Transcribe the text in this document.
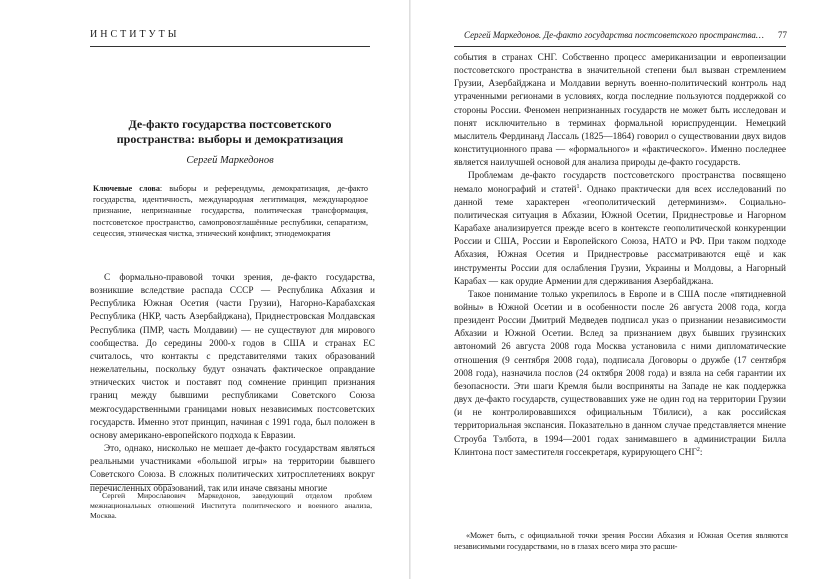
ИНСТИТУТЫ
Де-факто государства постсоветского пространства: выборы и демократизация
Сергей Маркедонов
Ключевые слова: выборы и референдумы, демократизация, де-факто государства, идентичность, международная легитимация, международное признание, непризнанные государства, политическая трансформация, постсоветское пространство, самопровозглашённые республики, сепаратизм, сецессия, этническая чистка, этнический конфликт, этнодемократия

С формально-правовой точки зрения, де-факто государства, возникшие вследствие распада СССР — Республика Абхазия и Республика Южная Осетия (части Грузии), Нагорно-Карабахская Республика (НКР, часть Азербайджана), Приднестровская Молдавская Республика (ПМР, часть Молдавии) — не существуют для мирового сообщества. До середины 2000-х годов в США и странах ЕС считалось, что контакты с представителями таких образований нежелательны, поскольку будут означать фактическое оправдание этнических чисток и поставят под сомнение принцип признания границ между бывшими республиками Советского Союза межгосударственными границами новых независимых постсоветских государств. Именно этот принцип, начиная с 1991 года, был положен в основу американо-европейского подхода к Евразии.

Это, однако, нисколько не мешает де-факто государствам являться реальными участниками «большой игры» на территории бывшего Советского Союза. В сложных политических хитросплетениях вокруг перечисленных образований, так или иначе связаны многие

Сергей Мирославович Маркедонов, заведующий отделом проблем межнациональных отношений Института политического и военного анализа, Москва.
Сергей Маркедонов. Де-факто государства постсоветского пространства… 77

события в странах СНГ. Собственно процесс американизации и европеизации постсоветского пространства в значительной степени был вызван стремлением Грузии, Азербайджана и Молдавии вернуть военно-политический контроль над утраченными регионами в условиях, когда последние пользуются поддержкой со стороны России. Феномен непризнанных государств не может быть исследован и понят исключительно в терминах формальной юриспруденции. Немецкий мыслитель Фердинанд Лассаль (1825—1864) говорил о существовании двух видов конституционного права — «формального» и «фактического». Именно последнее является наилучшей основой для анализа природы де-факто государств.

Проблемам де-факто государств постсоветского пространства посвящено немало монографий и статей$^1$. Однако практически для всех исследований по данной теме характерен «геополитический детерминизм». Социально-политическая ситуация в Абхазии, Южной Осетии, Приднестровье и Нагорном Карабахе анализируется прежде всего в контексте геополитической конкуренции России и США, России и Европейского Союза, НАТО и РФ. При таком подходе Абхазия, Южная Осетия и Приднестровье рассматриваются ещё и как инструменты России для ослабления Грузии, Украины и Молдовы, а Нагорный Карабах — как орудие Армении для сдерживания Азербайджана.

Такое понимание только укрепилось в Европе и в США после «пятидневной войны» в Южной Осетии и в особенности после 26 августа 2008 года, когда президент России Дмитрий Медведев подписал указ о признании независимости Абхазии и Южной Осетии. Вслед за признанием двух бывших грузинских автономий 26 августа 2008 года Москва установила с ними дипломатические отношения (9 сентября 2008 года), подписала Договоры о дружбе (17 сентября 2008 года), назначила послов (24 октября 2008 года) и взяла на себя гарантии их безопасности. Эти шаги Кремля были восприняты на Западе не как поддержка двух де-факто государств, существовавших уже не один год на территории Грузии (и не контролировавшихся официальным Тбилиси), а как российская территориальная экспансия. Показательно в данном случае представляется мнение Строуба Тэлбота, в 1994—2001 годах занимавшего в администрации Билла Клинтона пост заместителя госсекретаря, курирующего СНГ$^2$:

«Может быть, с официальной точки зрения России Абхазия и Южная Осетия являются независимыми государствами, но в глазах всего мира это расши-
